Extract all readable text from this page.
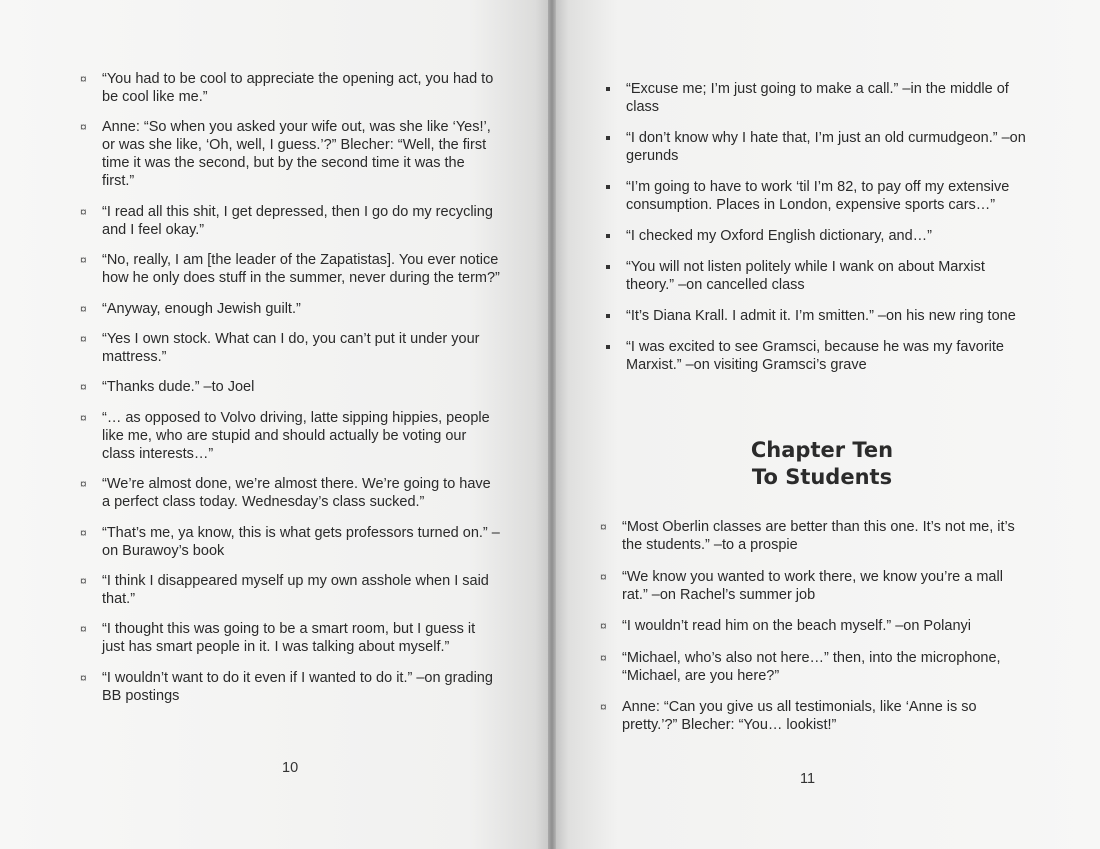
¤ “You had to be cool to appreciate the opening act, you had to be cool like me.”
¤ Anne: “So when you asked your wife out, was she like ‘Yes!’, or was she like, ‘Oh, well, I guess.’?” Blecher: “Well, the first time it was the second, but by the second time it was the first.”
¤ “I read all this shit, I get depressed, then I go do my recycling and I feel okay.”
¤ “No, really, I am [the leader of the Zapatistas]. You ever notice how he only does stuff in the summer, never during the term?”
¤ “Anyway, enough Jewish guilt.”
¤ “Yes I own stock. What can I do, you can’t put it under your mattress.”
¤ “Thanks dude.” –to Joel
¤ “… as opposed to Volvo driving, latte sipping hippies, people like me, who are stupid and should actually be voting our class interests…”
¤ “We’re almost done, we’re almost there. We’re going to have a perfect class today. Wednesday’s class sucked.”
¤ “That’s me, ya know, this is what gets professors turned on.” –on Burawoy’s book
¤ “I think I disappeared myself up my own asshole when I said that.”
¤ “I thought this was going to be a smart room, but I guess it just has smart people in it. I was talking about myself.”
¤ “I wouldn’t want to do it even if I wanted to do it.” –on grading BB postings
10
“Excuse me; I’m just going to make a call.” –in the middle of class
“I don’t know why I hate that, I’m just an old curmudgeon.” –on gerunds
“I’m going to have to work ‘til I’m 82, to pay off my extensive consumption. Places in London, expensive sports cars…”
“I checked my Oxford English dictionary, and…”
“You will not listen politely while I wank on about Marxist theory.” –on cancelled class
“It’s Diana Krall. I admit it. I’m smitten.” –on his new ring tone
“I was excited to see Gramsci, because he was my favorite Marxist.” –on visiting Gramsci’s grave
Chapter Ten
To Students
¤ “Most Oberlin classes are better than this one. It’s not me, it’s the students.” –to a prospie
¤ “We know you wanted to work there, we know you’re a mall rat.” –on Rachel’s summer job
¤ “I wouldn’t read him on the beach myself.” –on Polanyi
¤ “Michael, who’s also not here…” then, into the microphone, “Michael, are you here?”
¤ Anne: “Can you give us all testimonials, like ‘Anne is so pretty.’?” Blecher: “You… lookist!”
11
